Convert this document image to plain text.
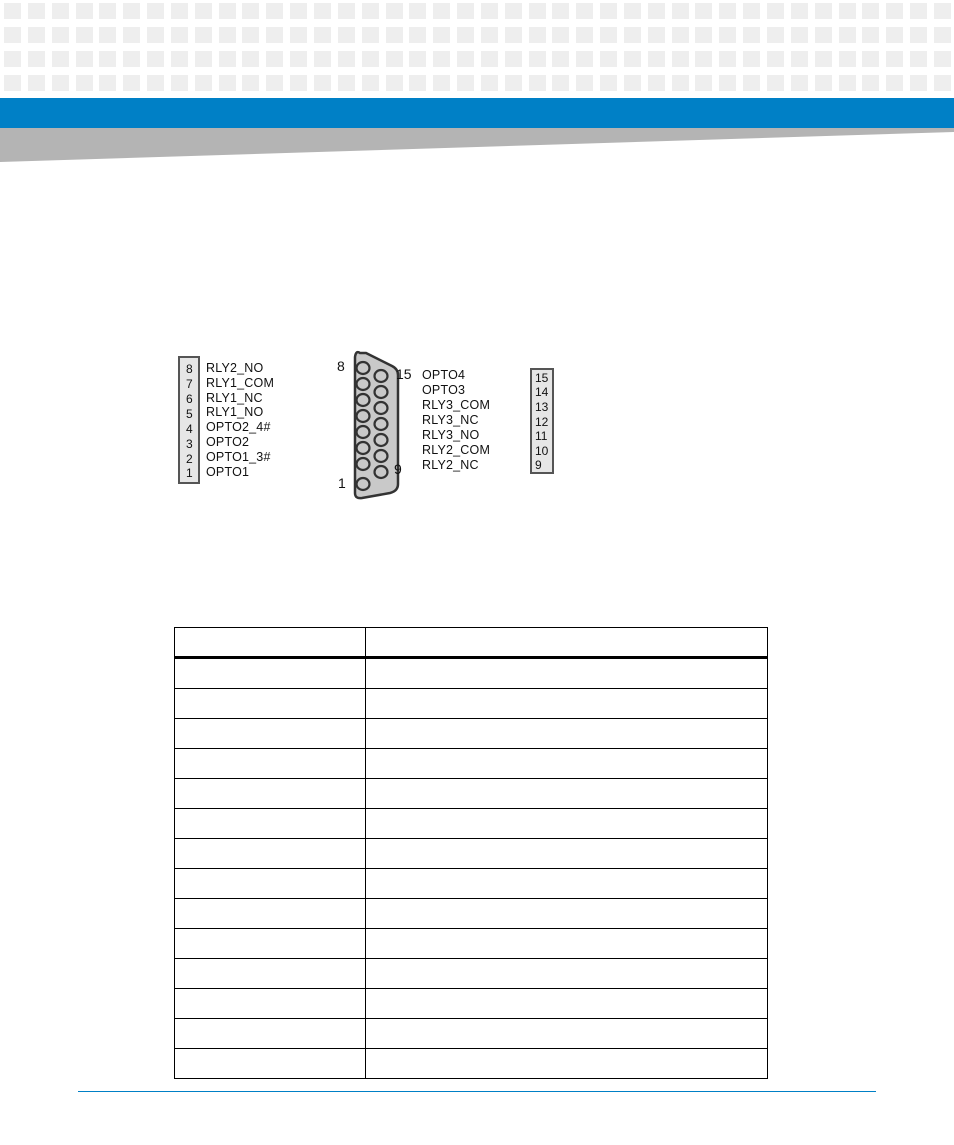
8
7
6
5
4
3
2
1
RLY2_NO
RLY1_COM
RLY1_NC
RLY1_NO
OPTO2_4#
OPTO2
OPTO1_3#
OPTO1
8	15
1
9
OPTO4
OPTO3
RLY3_COM
RLY3_NC
RLY3_NO
RLY2_COM
RLY2_NC
15
14
13
12
11
10
9
